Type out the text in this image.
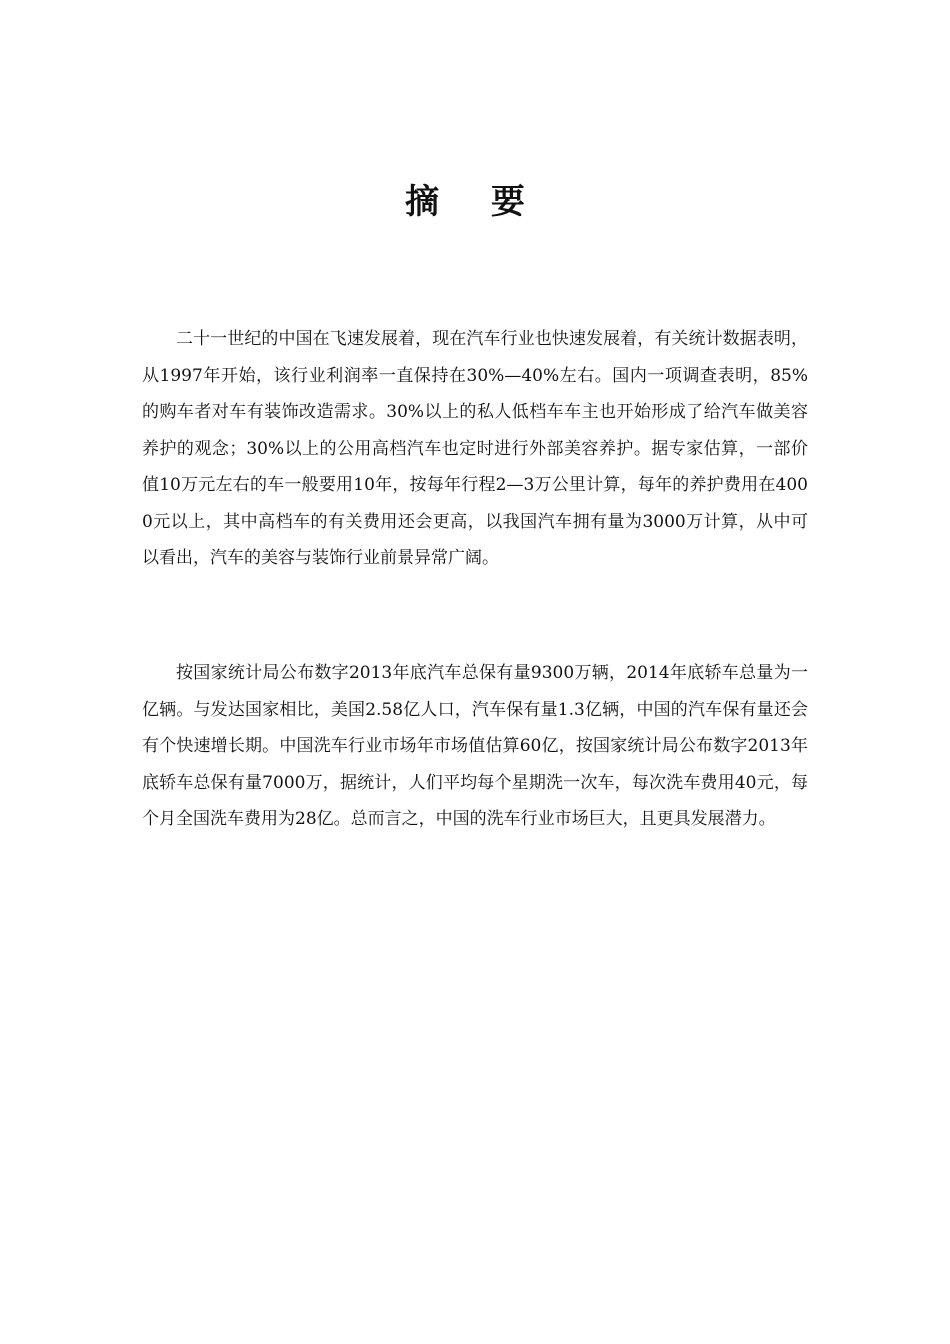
摘 要

二十一世纪的中国在飞速发展着，现在汽车行业也快速发展着，有关统计数据表明，从1997年开始，该行业利润率一直保持在30%—40%左右。国内一项调查表明，85%的购车者对车有装饰改造需求。30%以上的私人低档车车主也开始形成了给汽车做美容养护的观念；30%以上的公用高档汽车也定时进行外部美容养护。据专家估算，一部价值10万元左右的车一般要用10年，按每年行程2—3万公里计算，每年的养护费用在4000元以上，其中高档车的有关费用还会更高，以我国汽车拥有量为3000万计算，从中可以看出，汽车的美容与装饰行业前景异常广阔。

按国家统计局公布数字2013年底汽车总保有量9300万辆，2014年底轿车总量为一亿辆。与发达国家相比，美国2.58亿人口，汽车保有量1.3亿辆，中国的汽车保有量还会有个快速增长期。中国洗车行业市场年市场值估算60亿，按国家统计局公布数字2013年底轿车总保有量7000万，据统计，人们平均每个星期洗一次车，每次洗车费用40元，每个月全国洗车费用为28亿。总而言之，中国的洗车行业市场巨大，且更具发展潜力。
